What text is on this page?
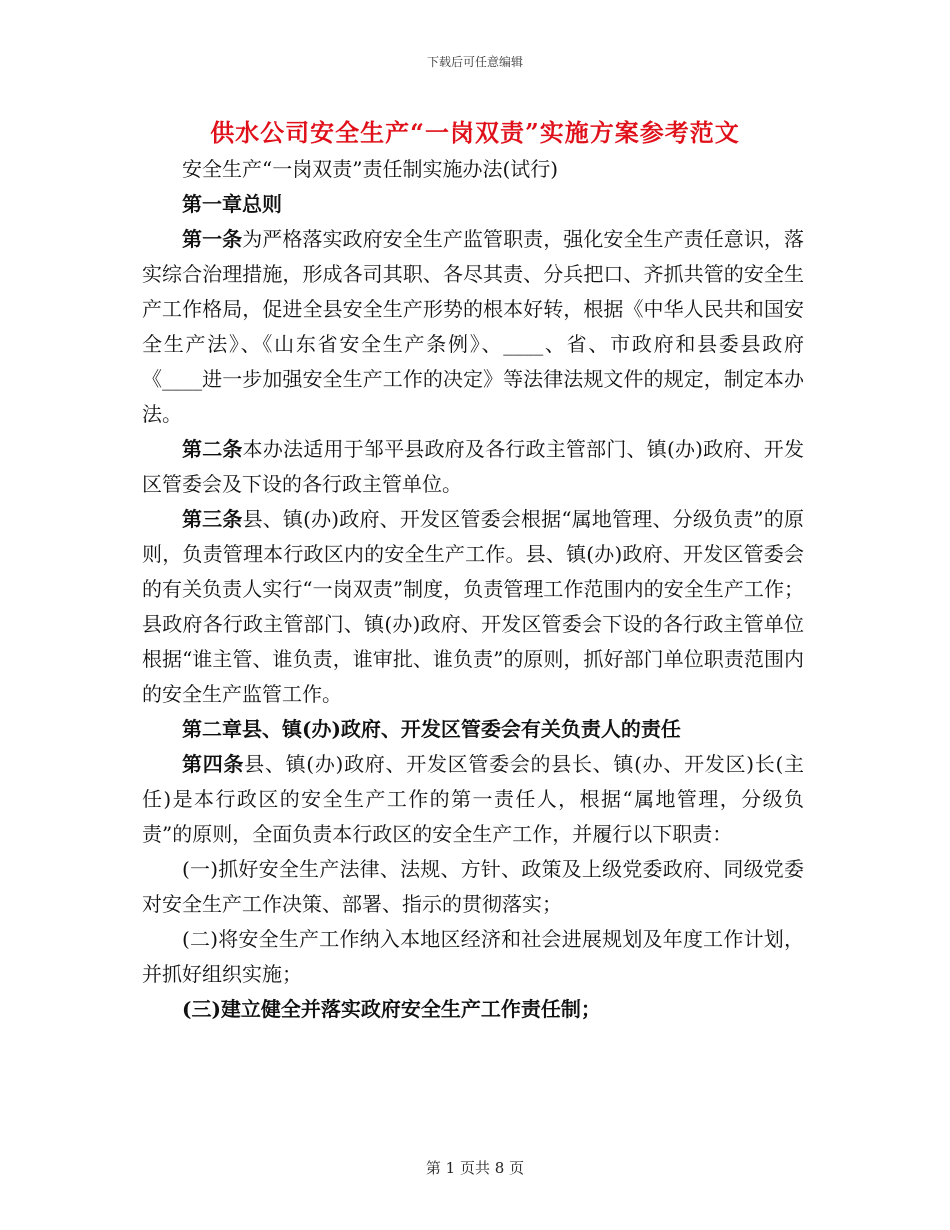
下载后可任意编辑
供水公司安全生产“一岗双责”实施方案参考范文

安全生产“一岗双责”责任制实施办法(试行)

第一章总则

第一条为严格落实政府安全生产监管职责，强化安全生产责任意识，落实综合治理措施，形成各司其职、各尽其责、分兵把口、齐抓共管的安全生产工作格局，促进全县安全生产形势的根本好转，根据《中华人民共和国安全生产法》、《山东省安全生产条例》、____、省、市政府和县委县政府《____进一步加强安全生产工作的决定》等法律法规文件的规定，制定本办法。

第二条本办法适用于邹平县政府及各行政主管部门、镇(办)政府、开发区管委会及下设的各行政主管单位。

第三条县、镇(办)政府、开发区管委会根据“属地管理、分级负责”的原则，负责管理本行政区内的安全生产工作。县、镇(办)政府、开发区管委会的有关负责人实行“一岗双责”制度，负责管理工作范围内的安全生产工作；县政府各行政主管部门、镇(办)政府、开发区管委会下设的各行政主管单位根据“谁主管、谁负责，谁审批、谁负责”的原则，抓好部门单位职责范围内的安全生产监管工作。

第二章县、镇(办)政府、开发区管委会有关负责人的责任

第四条县、镇(办)政府、开发区管委会的县长、镇(办、开发区)长(主任)是本行政区的安全生产工作的第一责任人，根据“属地管理，分级负责”的原则，全面负责本行政区的安全生产工作，并履行以下职责：

(一)抓好安全生产法律、法规、方针、政策及上级党委政府、同级党委对安全生产工作决策、部署、指示的贯彻落实；

(二)将安全生产工作纳入本地区经济和社会进展规划及年度工作计划，并抓好组织实施；

(三)建立健全并落实政府安全生产工作责任制；

第 1 页共 8 页
